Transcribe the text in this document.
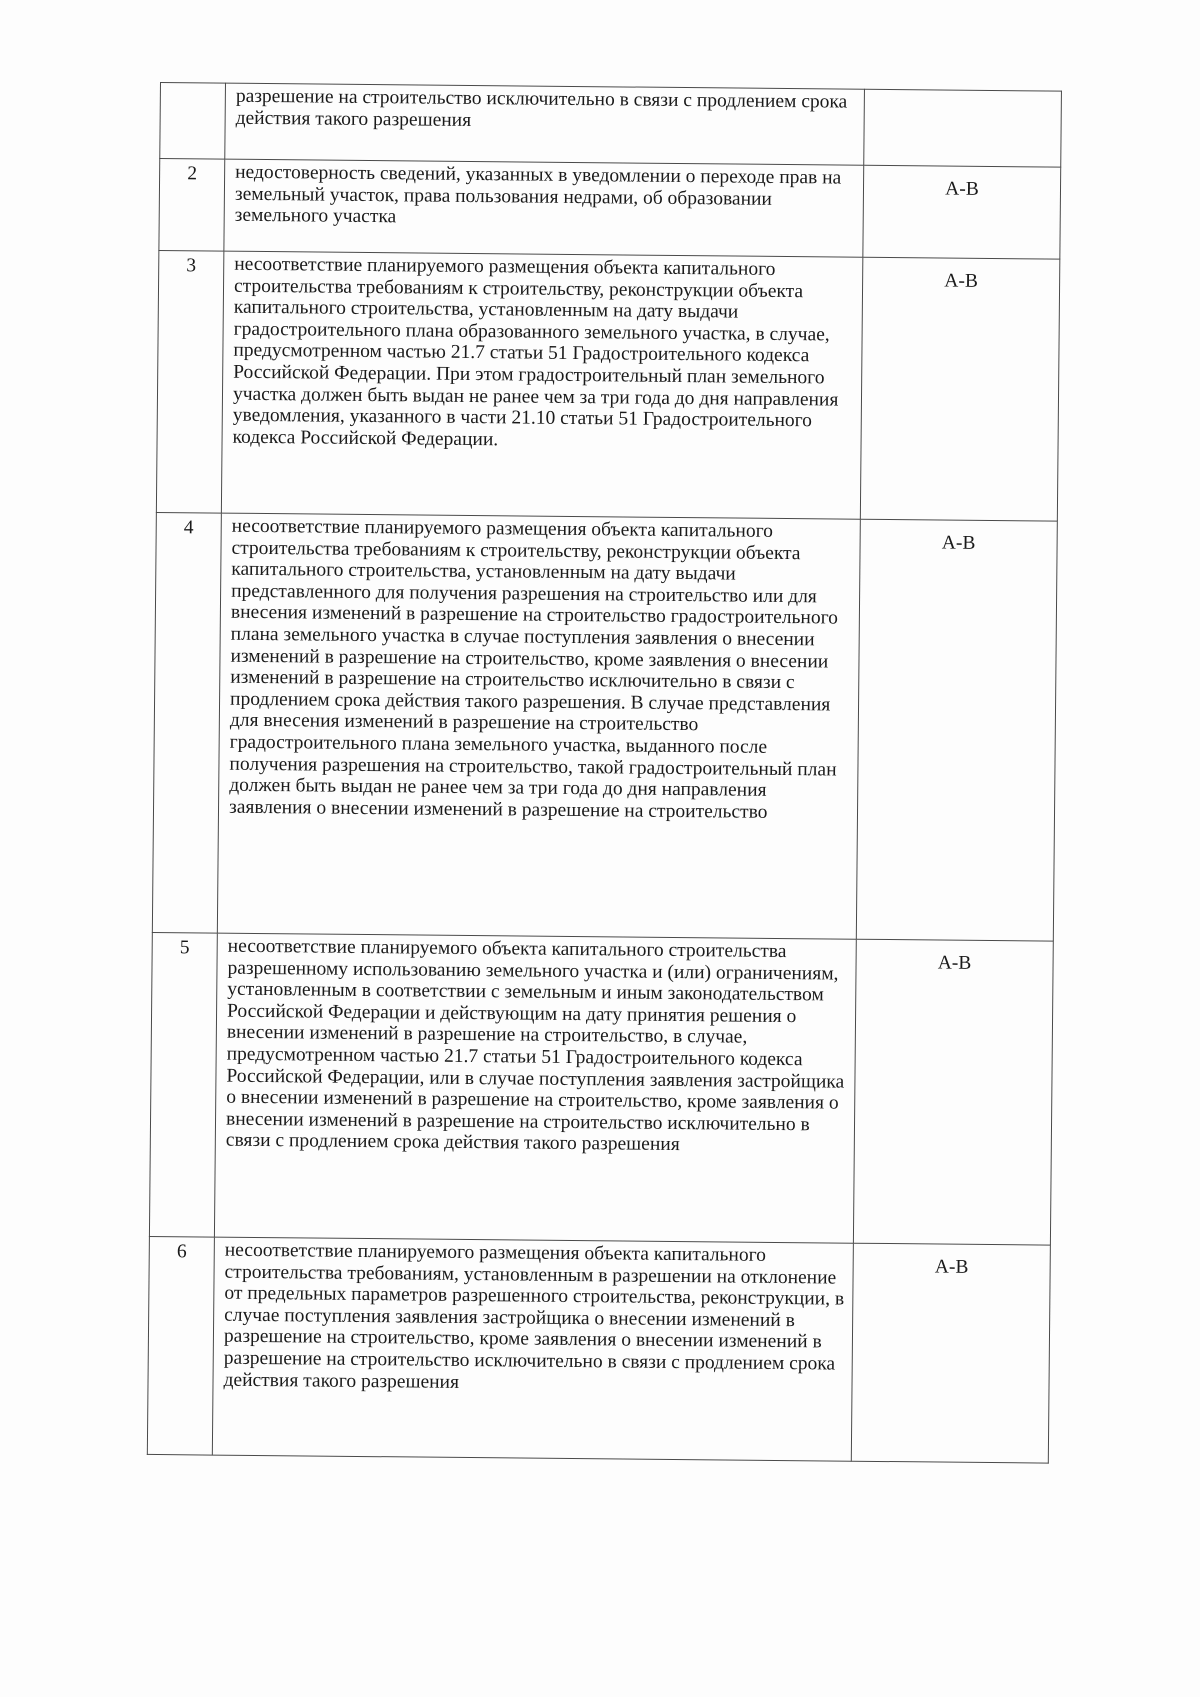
	разрешение на строительство исключительно в связи с продлением срока действия такого разрешения	
2	недостоверность сведений, указанных в уведомлении о переходе прав на земельный участок, права пользования недрами, об образовании земельного участка	А-В
3	несоответствие планируемого размещения объекта капитального строительства требованиям к строительству, реконструкции объекта капитального строительства, установленным на дату выдачи градостроительного плана образованного земельного участка, в случае, предусмотренном частью 21.7 статьи 51 Градостроительного кодекса Российской Федерации. При этом градостроительный план земельного участка должен быть выдан не ранее чем за три года до дня направления уведомления, указанного в части 21.10 статьи 51 Градостроительного кодекса Российской Федерации.	А-В
4	несоответствие планируемого размещения объекта капитального строительства требованиям к строительству, реконструкции объекта капитального строительства, установленным на дату выдачи представленного для получения разрешения на строительство или для внесения изменений в разрешение на строительство градостроительного плана земельного участка в случае поступления заявления о внесении изменений в разрешение на строительство, кроме заявления о внесении изменений в разрешение на строительство исключительно в связи с продлением срока действия такого разрешения. В случае представления для внесения изменений в разрешение на строительство градостроительного плана земельного участка, выданного после получения разрешения на строительство, такой градостроительный план должен быть выдан не ранее чем за три года до дня направления заявления о внесении изменений в разрешение на строительство	А-В
5	несоответствие планируемого объекта капитального строительства разрешенному использованию земельного участка и (или) ограничениям, установленным в соответствии с земельным и иным законодательством Российской Федерации и действующим на дату принятия решения о внесении изменений в разрешение на строительство, в случае, предусмотренном частью 21.7 статьи 51 Градостроительного кодекса Российской Федерации, или в случае поступления заявления застройщика о внесении изменений в разрешение на строительство, кроме заявления о внесении изменений в разрешение на строительство исключительно в связи с продлением срока действия такого разрешения	А-В
6	несоответствие планируемого размещения объекта капитального строительства требованиям, установленным в разрешении на отклонение от предельных параметров разрешенного строительства, реконструкции, в случае поступления заявления застройщика о внесении изменений в разрешение на строительство, кроме заявления о внесении изменений в разрешение на строительство исключительно в связи с продлением срока действия такого разрешения	А-В
